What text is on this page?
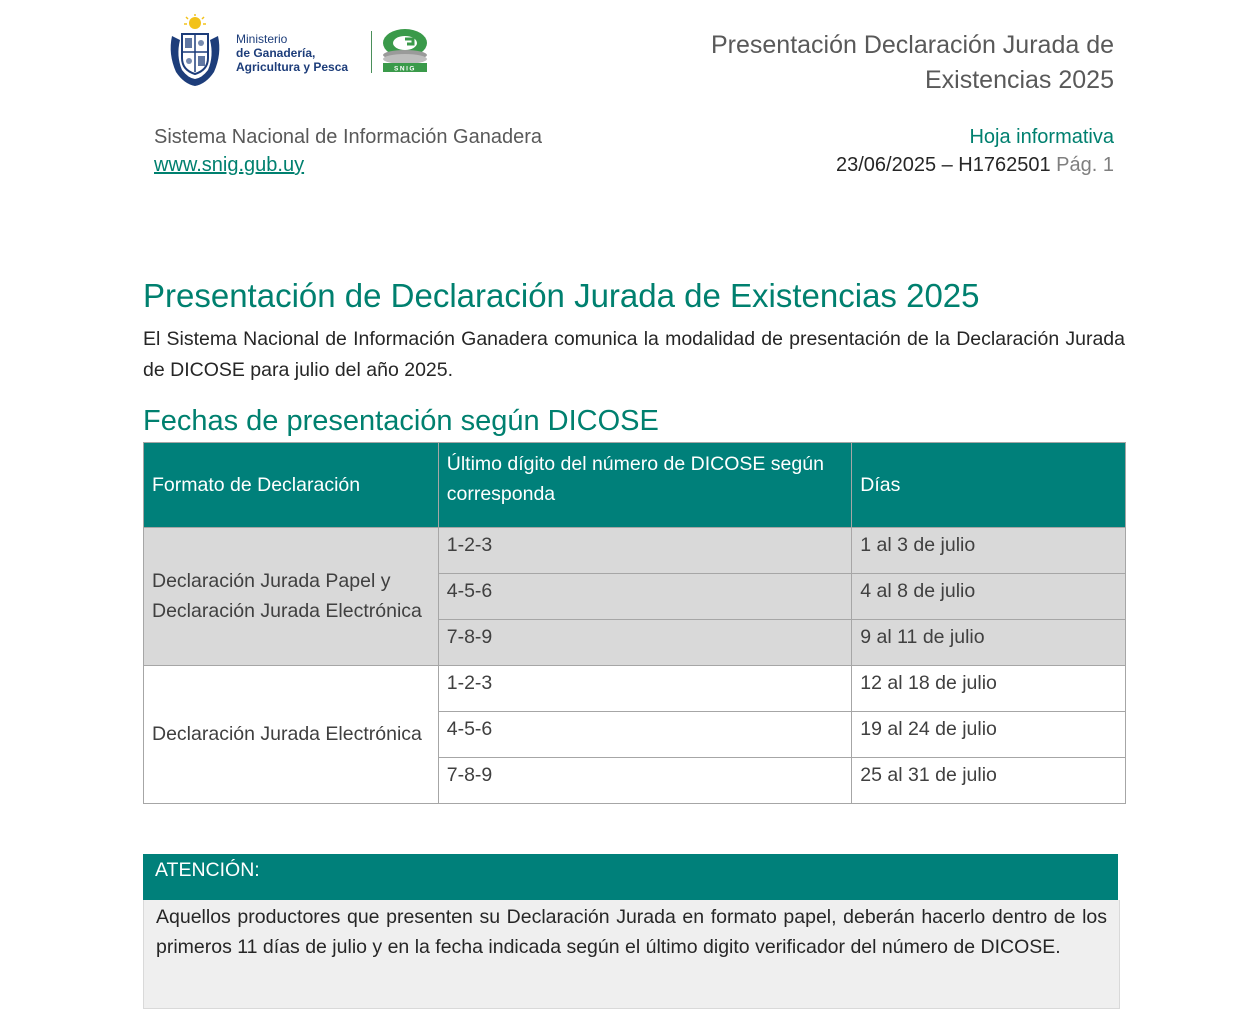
Ministerio
de Ganadería,
Agricultura y Pesca	SNIG
Presentación Declaración Jurada de Existencias 2025
Sistema Nacional de Información Ganadera
www.snig.gub.uy
Hoja informativa
23/06/2025 – H1762501 Pág. 1
Presentación de Declaración Jurada de Existencias 2025
El Sistema Nacional de Información Ganadera comunica la modalidad de presentación de la Declaración Jurada de DICOSE para julio del año 2025.
Fechas de presentación según DICOSE
Formato de Declaración	Último dígito del número de DICOSE según corresponda	Días
Declaración Jurada Papel y Declaración Jurada Electrónica	1-2-3	1 al 3 de julio
	4-5-6	4 al 8 de julio
	7-8-9	9 al 11 de julio
Declaración Jurada Electrónica	1-2-3	12 al 18 de julio
	4-5-6	19 al 24 de julio
	7-8-9	25 al 31 de julio
ATENCIÓN:

Aquellos productores que presenten su Declaración Jurada en formato papel, deberán hacerlo dentro de los primeros 11 días de julio y en la fecha indicada según el último digito verificador del número de DICOSE.
